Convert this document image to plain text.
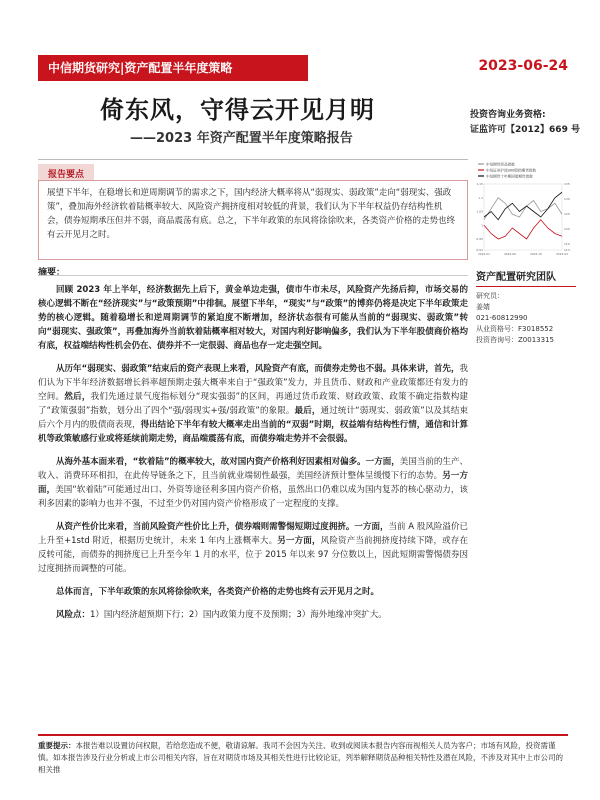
中信期货研究|资产配置半年度策略	2023-06-24
倚东风，守得云开见月明
——2023 年资产配置半年度策略报告
投资咨询业务资格:
证监许可【2012】669 号
报告要点
展望下半年，在稳增长和逆周期调节的需求之下，国内经济大概率将从“弱现实、弱政策”走向“弱现实、强政策”，叠加海外经济软着陆概率较大、风险资产拥挤度相对较低的背景，我们认为下半年权益仍存结构性机会，债券短期承压但并不弱，商品震荡有底。总之，下半年政策的东风将徐徐吹来，各类资产价格的走势也终有云开见月之时。
摘要：

回顾 2023 年上半年，经济数据先上后下，黄金单边走强，债市牛市未尽，风险资产先扬后抑，市场交易的核心逻辑不断在“经济现实”与“政策预期”中徘徊。展望下半年，“现实”与“政策”的博弈仍将是决定下半年政策走势的核心逻辑。随着稳增长和逆周期调节的紧迫度不断增加，经济状态很有可能从当前的“弱现实、弱政策”转向“弱现实、强政策”，再叠加海外当前软着陆概率相对较大，对国内利好影响偏多，我们认为下半年股债商价格均有底，权益端结构性机会仍在、债券并不一定很弱、商品也存一定走强空间。

从历年“弱现实、弱政策”结束后的资产表现上来看，风险资产有底，而债券走势也不弱。具体来讲，首先，我们认为下半年经济数据增长斜率超预期走强大概率来自于“强政策”发力，并且货币、财政和产业政策都还有发力的空间。然后，我们先通过景气度指标划分“现实强弱”的区间，再通过货币政策、财政政策、政策不确定指数构建了“政策强弱”指数，划分出了四个“强/弱现实+强/弱政策”的象限。最后，通过统计“弱现实、弱政策”以及其结束后六个月内的股债商表现，得出结论下半年有较大概率走出当前的“双弱”时期，权益端有结构性行情，通信和计算机等政策敏感行业或将延续前期走势，商品端震荡有底，而债券端走势并不会很弱。

从海外基本面来看，“软着陆”的概率较大，故对国内资产价格利好因素相对偏多。一方面，美国当前的生产、收入、消费环环相扣，在此传导链条之下，且当前就业端韧性最强，美国经济预计整体呈缓慢下行的态势。另一方面，美国“软着陆”可能通过出口、外资等途径利多国内资产价格，虽然出口仍难以成为国内复苏的核心驱动力，该利多因素的影响力也并不强，不过至少仍对国内资产价格形成了一定程度的支撑。

从资产性价比来看，当前风险资产性价比上升，债券端则需警惕短期过度拥挤。一方面，当前 A 股风险溢价已上升至+1std 附近，根据历史统计，未来 1 年内上涨概率大。另一方面，风险资产当前拥挤度持续下降，或存在反转可能，而债券的拥挤度已上升至今年 1 月的水平，位于 2015 年以来 97 分位数以上，因此短期需警惕债券因过度拥挤而调整的可能。

总体而言，下半年政策的东风将徐徐吹来，各类资产价格的走势也终有云开见月之时。

风险点：1）国内经济超预期下行；2）国内政策力度不及预期；3）海外地缘冲突扩大。

中信期货商品指数
中信证券沪深300股指期货指数
中信期货十年期国债期货指数
1.15
1.1
1.05
1
0.95
0.91
135
130
125
120
115
113
2022-01	2022-06	2022-10	2023-04
资产配置研究团队
研究员：
姜婧
021-60812990
从业资格号：F3018552
投资咨询号：Z0013315
重要提示：本报告难以设置访问权限，若给您造成不便，敬请谅解。我司不会因为关注、收到或阅读本报告内容而视相关人员为客户；市场有风险，投资需谨慎。如本报告涉及行业分析或上市公司相关内容，旨在对期货市场及其相关性进行比较论证，列举解释期货品种相关特性及潜在风险，不涉及对其中上市公司的相关推
